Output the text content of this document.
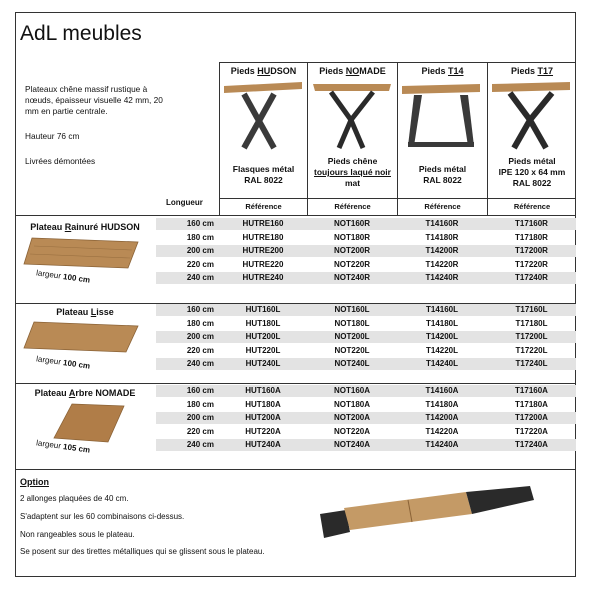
AdL meubles
Plateaux chêne massif rustique à nœuds, épaisseur visuelle 42 mm, 20 mm en partie centrale.
Hauteur 76 cm
Livrées démontées
Pieds HUDSON	Pieds NOMADE	Pieds T14	Pieds T17
Flasques métal
RAL 8022
Pieds chêne
toujours laqué noir
mat
Pieds métal
RAL 8022
Pieds métal
IPE 120 x 64 mm
RAL 8022
Longueur	Référence	Référence	Référence	Référence
Plateau Rainuré HUDSON
largeur 100 cm
Plateau Lisse
largeur 100 cm
Plateau Arbre NOMADE
largeur 105 cm
160 cm	HUTRE160	NOT160R	T14160R	T17160R
180 cm	HUTRE180	NOT180R	T14180R	T17180R
200 cm	HUTRE200	NOT200R	T14200R	T17200R
220 cm	HUTRE220	NOT220R	T14220R	T17220R
240 cm	HUTRE240	NOT240R	T14240R	T17240R
160 cm	HUT160L	NOT160L	T14160L	T17160L
180 cm	HUT180L	NOT180L	T14180L	T17180L
200 cm	HUT200L	NOT200L	T14200L	T17200L
220 cm	HUT220L	NOT220L	T14220L	T17220L
240 cm	HUT240L	NOT240L	T14240L	T17240L
160 cm	HUT160A	NOT160A	T14160A	T17160A
180 cm	HUT180A	NOT180A	T14180A	T17180A
200 cm	HUT200A	NOT200A	T14200A	T17200A
220 cm	HUT220A	NOT220A	T14220A	T17220A
240 cm	HUT240A	NOT240A	T14240A	T17240A
Option
2 allonges plaquées de 40 cm.
S'adaptent sur les 60 combinaisons ci-dessus.
Non rangeables sous le plateau.
Se posent sur des tirettes métalliques qui se glissent sous le plateau.
